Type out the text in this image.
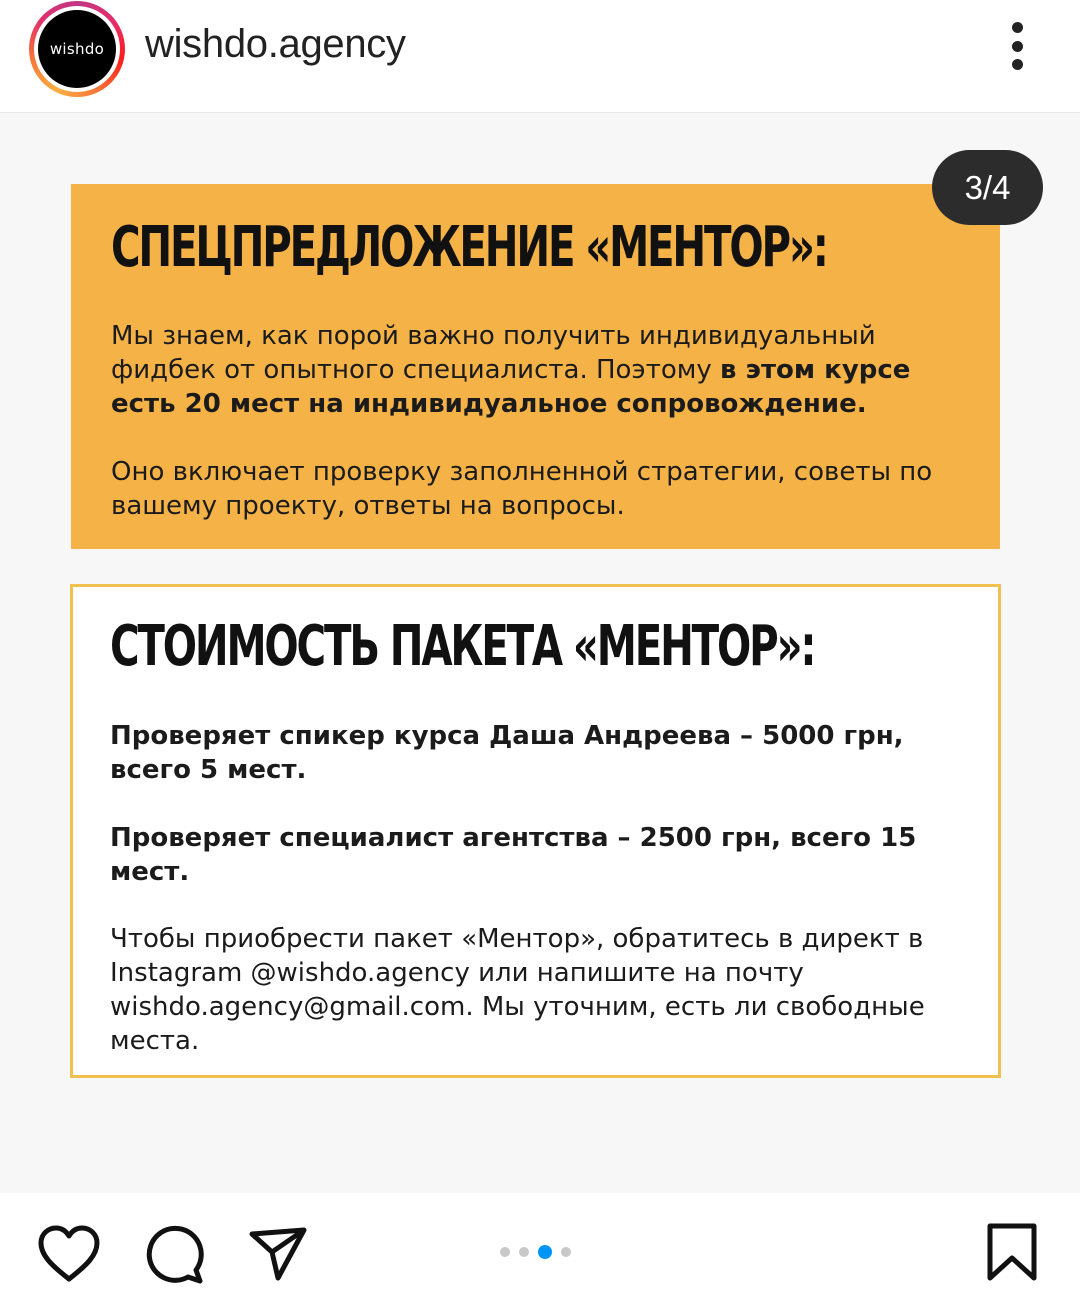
wishdo wishdo.agency
3/4
СПЕЦПРЕДЛОЖЕНИЕ «МЕНТОР»:

Мы знаем, как порой важно получить индивидуальный фидбек от опытного специалиста. Поэтому в этом курсе есть 20 мест на индивидуальное сопровождение.

Оно включает проверку заполненной стратегии, советы по вашему проекту, ответы на вопросы.

СТОИМОСТЬ ПАКЕТА «МЕНТОР»:

Проверяет спикер курса Даша Андреева – 5000 грн, всего 5 мест.

Проверяет специалист агентства – 2500 грн, всего 15 мест.

Чтобы приобрести пакет «Ментор», обратитесь в директ в Instagram @wishdo.agency или напишите на почту wishdo.agency@gmail.com. Мы уточним, есть ли свободные места.
